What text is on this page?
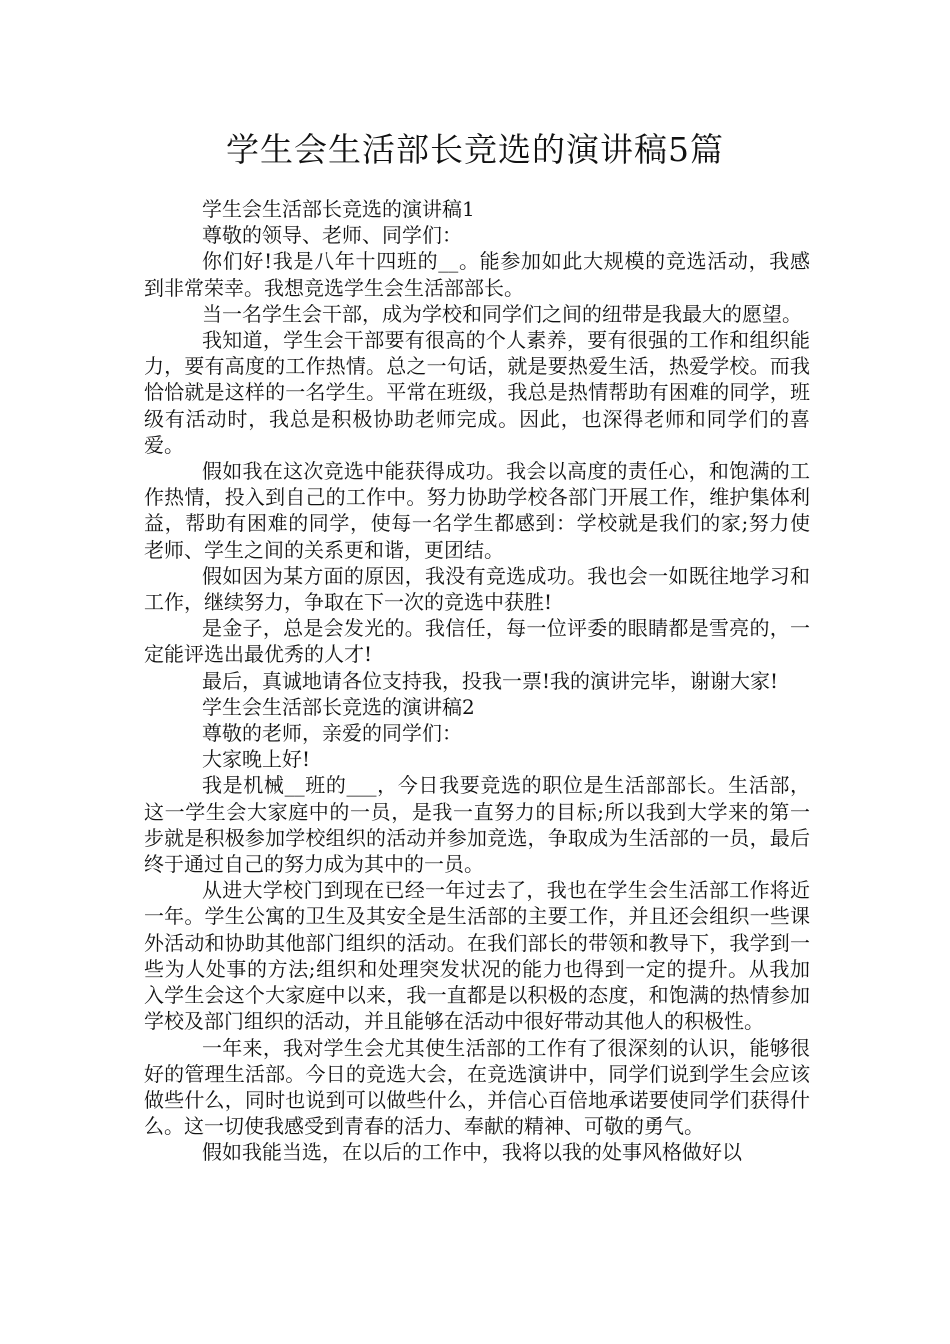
学生会生活部长竞选的演讲稿5篇

学生会生活部长竞选的演讲稿1

尊敬的领导、老师、同学们：

你们好!我是八年十四班的__。能参加如此大规模的竞选活动，我感到非常荣幸。我想竞选学生会生活部部长。

当一名学生会干部，成为学校和同学们之间的纽带是我最大的愿望。

我知道，学生会干部要有很高的个人素养，要有很强的工作和组织能力，要有高度的工作热情。总之一句话，就是要热爱生活，热爱学校。而我恰恰就是这样的一名学生。平常在班级，我总是热情帮助有困难的同学，班级有活动时，我总是积极协助老师完成。因此，也深得老师和同学们的喜爱。

假如我在这次竞选中能获得成功。我会以高度的责任心，和饱满的工作热情，投入到自己的工作中。努力协助学校各部门开展工作，维护集体利益，帮助有困难的同学，使每一名学生都感到：学校就是我们的家;努力使老师、学生之间的关系更和谐，更团结。

假如因为某方面的原因，我没有竞选成功。我也会一如既往地学习和工作，继续努力，争取在下一次的竞选中获胜!

是金子，总是会发光的。我信任，每一位评委的眼睛都是雪亮的，一定能评选出最优秀的人才!

最后，真诚地请各位支持我，投我一票!我的演讲完毕，谢谢大家!

学生会生活部长竞选的演讲稿2

尊敬的老师，亲爱的同学们：

大家晚上好!

我是机械__班的___，今日我要竞选的职位是生活部部长。生活部，这一学生会大家庭中的一员，是我一直努力的目标;所以我到大学来的第一步就是积极参加学校组织的活动并参加竞选，争取成为生活部的一员，最后终于通过自己的努力成为其中的一员。

从进大学校门到现在已经一年过去了，我也在学生会生活部工作将近一年。学生公寓的卫生及其安全是生活部的主要工作，并且还会组织一些课外活动和协助其他部门组织的活动。在我们部长的带领和教导下，我学到一些为人处事的方法;组织和处理突发状况的能力也得到一定的提升。从我加入学生会这个大家庭中以来，我一直都是以积极的态度，和饱满的热情参加学校及部门组织的活动，并且能够在活动中很好带动其他人的积极性。

一年来，我对学生会尤其使生活部的工作有了很深刻的认识，能够很好的管理生活部。今日的竞选大会，在竞选演讲中，同学们说到学生会应该做些什么，同时也说到可以做些什么，并信心百倍地承诺要使同学们获得什么。这一切使我感受到青春的活力、奉献的精神、可敬的勇气。

假如我能当选，在以后的工作中，我将以我的处事风格做好以
